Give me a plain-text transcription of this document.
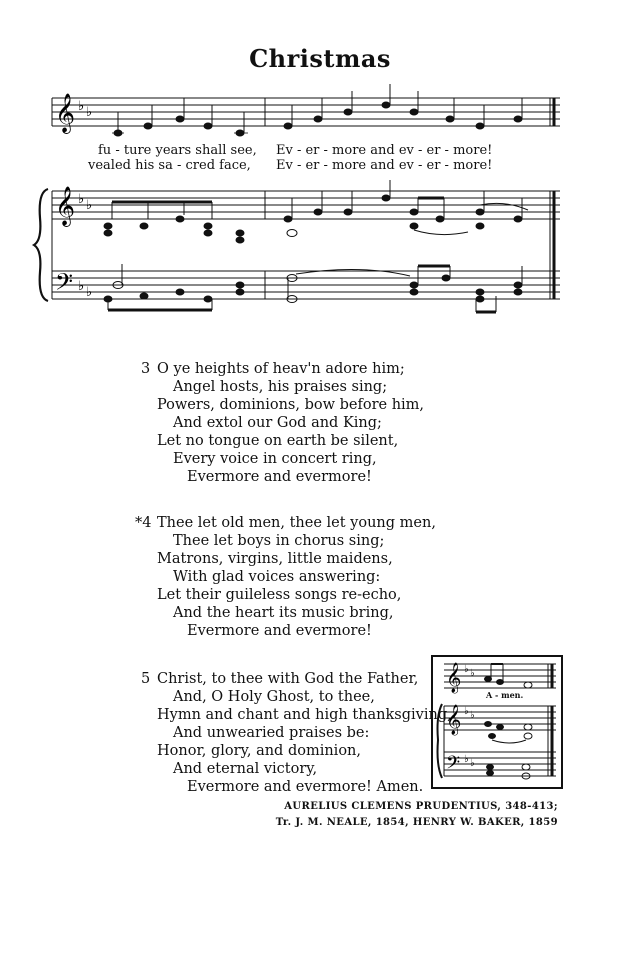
Christmas
𝄞 ♭ ♭
𝄞 ♭ ♭
𝄢 ♭ ♭
𝄞
𝄞
𝄢
♭ ♭
♭ ♭
♭ ♭
fu - ture years shall see, Ev - er - more and ev - er - more!
vealed his sa - cred face, Ev - er - more and ev - er - more!
3 O ye heights of heav'n adore him;
Angel hosts, his praises sing;
Powers, dominions, bow before him,
And extol our God and King;
Let no tongue on earth be silent,
Every voice in concert ring,
Evermore and evermore!
*4 Thee let old men, thee let young men,
Thee let boys in chorus sing;
Matrons, virgins, little maidens,
With glad voices answering:
Let their guileless songs re-echo,
And the heart its music bring,
Evermore and evermore!
5 Christ, to thee with God the Father,
And, O Holy Ghost, to thee,
Hymn and chant and high thanksgiving,
And unwearied praises be:
Honor, glory, and dominion,
And eternal victory,
Evermore and evermore! Amen.
A - men.
AURELIUS CLEMENS PRUDENTIUS, 348-413;
Tr. J. M. NEALE, 1854, HENRY W. BAKER, 1859
